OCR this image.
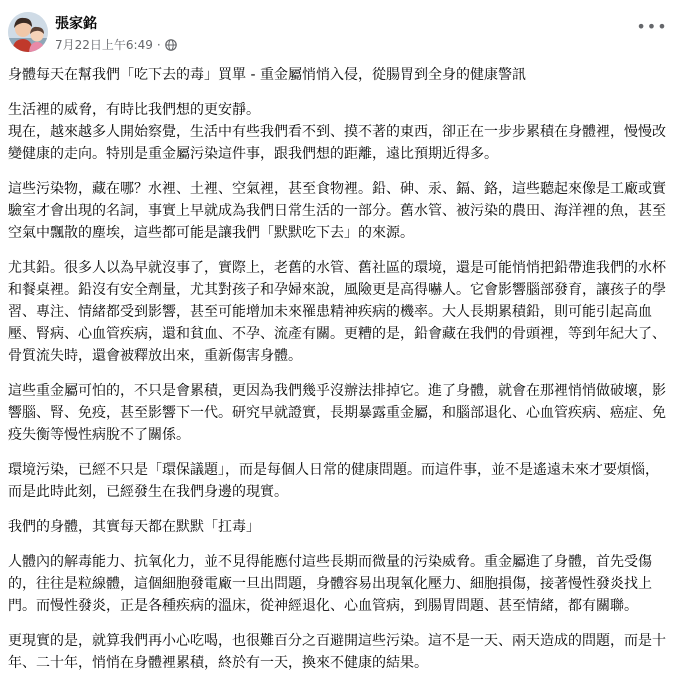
張家銘
7月22日上午6:49 ·
•••

身體每天在幫我們「吃下去的毒」買單 - 重金屬悄悄入侵，從腸胃到全身的健康警訊

生活裡的威脅，有時比我們想的更安靜。
現在，越來越多人開始察覺，生活中有些我們看不到、摸不著的東西，卻正在一步步累積在身體裡，慢慢改變健康的走向。特別是重金屬污染這件事，跟我們想的距離，遠比預期近得多。

這些污染物，藏在哪？水裡、土裡、空氣裡，甚至食物裡。鉛、砷、汞、鎘、鉻，這些聽起來像是工廠或實驗室才會出現的名詞，事實上早就成為我們日常生活的一部分。舊水管、被污染的農田、海洋裡的魚，甚至空氣中飄散的塵埃，這些都可能是讓我們「默默吃下去」的來源。

尤其鉛。很多人以為早就沒事了，實際上，老舊的水管、舊社區的環境，還是可能悄悄把鉛帶進我們的水杯和餐桌裡。鉛沒有安全劑量，尤其對孩子和孕婦來說，風險更是高得嚇人。它會影響腦部發育，讓孩子的學習、專注、情緒都受到影響，甚至可能增加未來罹患精神疾病的機率。大人長期累積鉛，則可能引起高血壓、腎病、心血管疾病，還和貧血、不孕、流產有關。更糟的是，鉛會藏在我們的骨頭裡，等到年紀大了、骨質流失時，還會被釋放出來，重新傷害身體。

這些重金屬可怕的，不只是會累積，更因為我們幾乎沒辦法排掉它。進了身體，就會在那裡悄悄做破壞，影響腦、腎、免疫，甚至影響下一代。研究早就證實，長期暴露重金屬，和腦部退化、心血管疾病、癌症、免疫失衡等慢性病脫不了關係。

環境污染，已經不只是「環保議題」，而是每個人日常的健康問題。而這件事，並不是遙遠未來才要煩惱，而是此時此刻，已經發生在我們身邊的現實。

我們的身體，其實每天都在默默「扛毒」

人體內的解毒能力、抗氧化力，並不見得能應付這些長期而微量的污染威脅。重金屬進了身體，首先受傷的，往往是粒線體，這個細胞發電廠一旦出問題，身體容易出現氧化壓力、細胞損傷，接著慢性發炎找上門。而慢性發炎，正是各種疾病的溫床，從神經退化、心血管病，到腸胃問題、甚至情緒，都有關聯。

更現實的是，就算我們再小心吃喝，也很難百分之百避開這些污染。這不是一天、兩天造成的問題，而是十年、二十年，悄悄在身體裡累積，終於有一天，換來不健康的結果。
